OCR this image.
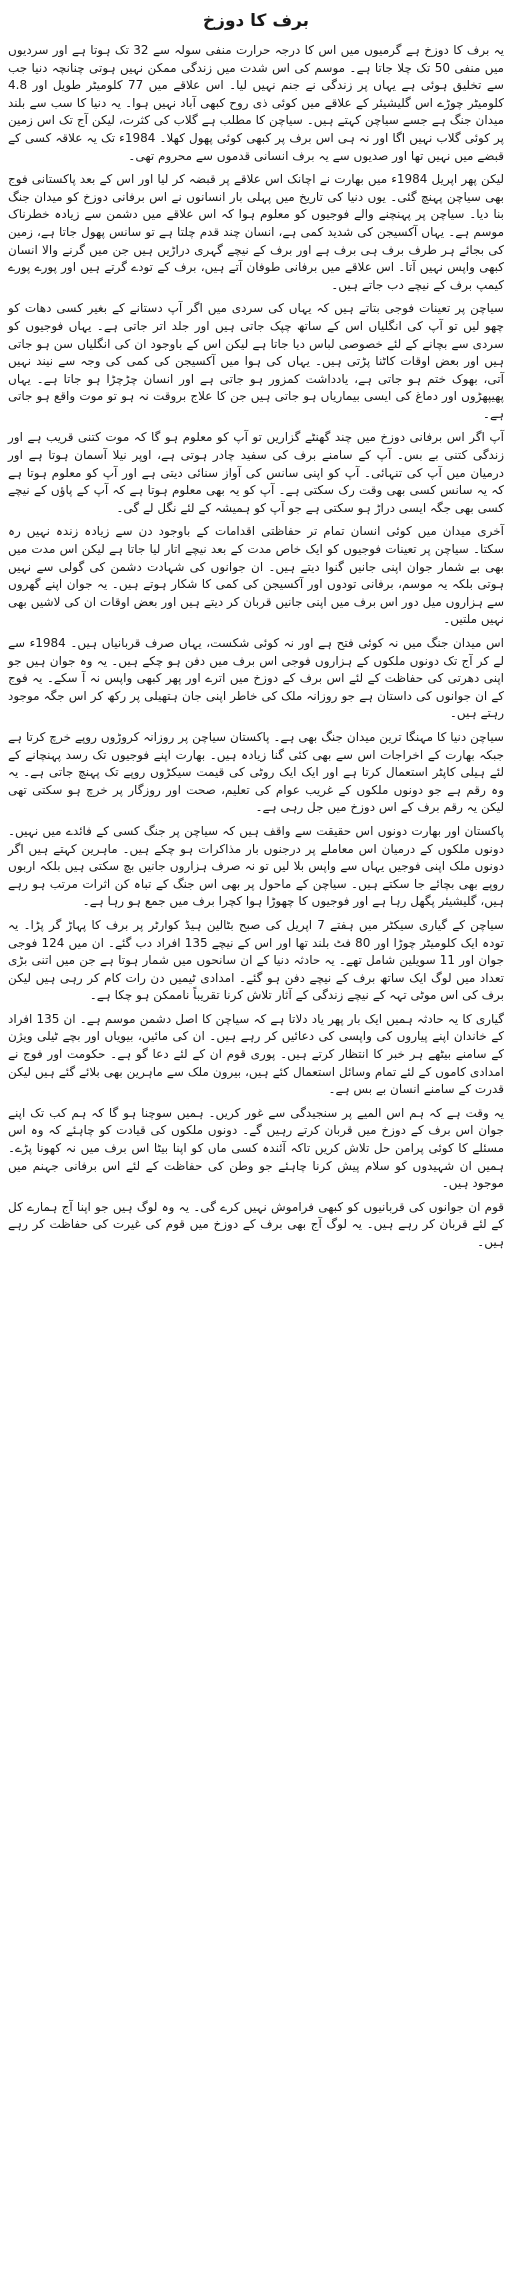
برف کا دوزخ

یہ برف کا دوزخ ہے گرمیوں میں اس کا درجہ حرارت منفی سولہ سے 32 تک ہوتا ہے اور سردیوں میں منفی 50 تک چلا جاتا ہے۔ موسم کی اس شدت میں زندگی ممکن نہیں ہوتی چنانچہ دنیا جب سے تخلیق ہوئی ہے یہاں پر زندگی نے جنم نہیں لیا۔ اس علاقے میں 77 کلومیٹر طویل اور 4.8 کلومیٹر چوڑے اس گلیشیئر کے علاقے میں کوئی ذی روح کبھی آباد نہیں ہوا۔ یہ دنیا کا سب سے بلند میدان جنگ ہے جسے سیاچن کہتے ہیں۔ سیاچن کا مطلب ہے گلاب کی کثرت، لیکن آج تک اس زمین پر کوئی گلاب نہیں اگا اور نہ ہی اس برف پر کبھی کوئی پھول کھلا۔ 1984ء تک یہ علاقہ کسی کے قبضے میں نہیں تھا اور صدیوں سے یہ برف انسانی قدموں سے محروم تھی۔

لیکن پھر اپریل 1984ء میں بھارت نے اچانک اس علاقے پر قبضہ کر لیا اور اس کے بعد پاکستانی فوج بھی سیاچن پہنچ گئی۔ یوں دنیا کی تاریخ میں پہلی بار انسانوں نے اس برفانی دوزخ کو میدان جنگ بنا دیا۔ سیاچن پر پہنچنے والے فوجیوں کو معلوم ہوا کہ اس علاقے میں دشمن سے زیادہ خطرناک موسم ہے۔ یہاں آکسیجن کی شدید کمی ہے، انسان چند قدم چلتا ہے تو سانس پھول جاتا ہے، زمین کی بجائے ہر طرف برف ہی برف ہے اور برف کے نیچے گہری دراڑیں ہیں جن میں گرنے والا انسان کبھی واپس نہیں آتا۔ اس علاقے میں برفانی طوفان آتے ہیں، برف کے تودے گرتے ہیں اور پورے پورے کیمپ برف کے نیچے دب جاتے ہیں۔

سیاچن پر تعینات فوجی بتاتے ہیں کہ یہاں کی سردی میں اگر آپ دستانے کے بغیر کسی دھات کو چھو لیں تو آپ کی انگلیاں اس کے ساتھ چپک جاتی ہیں اور جلد اتر جاتی ہے۔ یہاں فوجیوں کو سردی سے بچانے کے لئے خصوصی لباس دیا جاتا ہے لیکن اس کے باوجود ان کی انگلیاں سن ہو جاتی ہیں اور بعض اوقات کاٹنا پڑتی ہیں۔ یہاں کی ہوا میں آکسیجن کی کمی کی وجہ سے نیند نہیں آتی، بھوک ختم ہو جاتی ہے، یادداشت کمزور ہو جاتی ہے اور انسان چڑچڑا ہو جاتا ہے۔ یہاں پھیپھڑوں اور دماغ کی ایسی بیماریاں ہو جاتی ہیں جن کا علاج بروقت نہ ہو تو موت واقع ہو جاتی ہے۔

آپ اگر اس برفانی دوزخ میں چند گھنٹے گزاریں تو آپ کو معلوم ہو گا کہ موت کتنی قریب ہے اور زندگی کتنی بے بس۔ آپ کے سامنے برف کی سفید چادر ہوتی ہے، اوپر نیلا آسمان ہوتا ہے اور درمیان میں آپ کی تنہائی۔ آپ کو اپنی سانس کی آواز سنائی دیتی ہے اور آپ کو معلوم ہوتا ہے کہ یہ سانس کسی بھی وقت رک سکتی ہے۔ آپ کو یہ بھی معلوم ہوتا ہے کہ آپ کے پاؤں کے نیچے کسی بھی جگہ ایسی دراڑ ہو سکتی ہے جو آپ کو ہمیشہ کے لئے نگل لے گی۔

آخری میدان میں کوئی انسان تمام تر حفاظتی اقدامات کے باوجود دن سے زیادہ زندہ نہیں رہ سکتا۔ سیاچن پر تعینات فوجیوں کو ایک خاص مدت کے بعد نیچے اتار لیا جاتا ہے لیکن اس مدت میں بھی بے شمار جوان اپنی جانیں گنوا دیتے ہیں۔ ان جوانوں کی شہادت دشمن کی گولی سے نہیں ہوتی بلکہ یہ موسم، برفانی تودوں اور آکسیجن کی کمی کا شکار ہوتے ہیں۔ یہ جوان اپنے گھروں سے ہزاروں میل دور اس برف میں اپنی جانیں قربان کر دیتے ہیں اور بعض اوقات ان کی لاشیں بھی نہیں ملتیں۔

اس میدان جنگ میں نہ کوئی فتح ہے اور نہ کوئی شکست، یہاں صرف قربانیاں ہیں۔ 1984ء سے لے کر آج تک دونوں ملکوں کے ہزاروں فوجی اس برف میں دفن ہو چکے ہیں۔ یہ وہ جوان ہیں جو اپنی دھرتی کی حفاظت کے لئے اس برف کے دوزخ میں اترے اور پھر کبھی واپس نہ آ سکے۔ یہ فوج کے ان جوانوں کی داستان ہے جو روزانہ ملک کی خاطر اپنی جان ہتھیلی پر رکھ کر اس جگہ موجود رہتے ہیں۔

سیاچن دنیا کا مہنگا ترین میدان جنگ بھی ہے۔ پاکستان سیاچن پر روزانہ کروڑوں روپے خرچ کرتا ہے جبکہ بھارت کے اخراجات اس سے بھی کئی گنا زیادہ ہیں۔ بھارت اپنے فوجیوں تک رسد پہنچانے کے لئے ہیلی کاپٹر استعمال کرتا ہے اور ایک ایک روٹی کی قیمت سیکڑوں روپے تک پہنچ جاتی ہے۔ یہ وہ رقم ہے جو دونوں ملکوں کے غریب عوام کی تعلیم، صحت اور روزگار پر خرچ ہو سکتی تھی لیکن یہ رقم برف کے اس دوزخ میں جل رہی ہے۔

پاکستان اور بھارت دونوں اس حقیقت سے واقف ہیں کہ سیاچن پر جنگ کسی کے فائدے میں نہیں۔ دونوں ملکوں کے درمیان اس معاملے پر درجنوں بار مذاکرات ہو چکے ہیں۔ ماہرین کہتے ہیں اگر دونوں ملک اپنی فوجیں یہاں سے واپس بلا لیں تو نہ صرف ہزاروں جانیں بچ سکتی ہیں بلکہ اربوں روپے بھی بچائے جا سکتے ہیں۔ سیاچن کے ماحول پر بھی اس جنگ کے تباہ کن اثرات مرتب ہو رہے ہیں، گلیشیئر پگھل رہا ہے اور فوجیوں کا چھوڑا ہوا کچرا برف میں جمع ہو رہا ہے۔

سیاچن کے گیاری سیکٹر میں ہفتے 7 اپریل کی صبح بٹالین ہیڈ کوارٹر پر برف کا پہاڑ گر پڑا۔ یہ تودہ ایک کلومیٹر چوڑا اور 80 فٹ بلند تھا اور اس کے نیچے 135 افراد دب گئے۔ ان میں 124 فوجی جوان اور 11 سویلین شامل تھے۔ یہ حادثہ دنیا کے ان سانحوں میں شمار ہوتا ہے جن میں اتنی بڑی تعداد میں لوگ ایک ساتھ برف کے نیچے دفن ہو گئے۔ امدادی ٹیمیں دن رات کام کر رہی ہیں لیکن برف کی اس موٹی تہہ کے نیچے زندگی کے آثار تلاش کرنا تقریباً ناممکن ہو چکا ہے۔

گیاری کا یہ حادثہ ہمیں ایک بار پھر یاد دلاتا ہے کہ سیاچن کا اصل دشمن موسم ہے۔ ان 135 افراد کے خاندان اپنے پیاروں کی واپسی کی دعائیں کر رہے ہیں۔ ان کی مائیں، بیویاں اور بچے ٹیلی ویژن کے سامنے بیٹھے ہر خبر کا انتظار کرتے ہیں۔ پوری قوم ان کے لئے دعا گو ہے۔ حکومت اور فوج نے امدادی کاموں کے لئے تمام وسائل استعمال کئے ہیں، بیرون ملک سے ماہرین بھی بلائے گئے ہیں لیکن قدرت کے سامنے انسان بے بس ہے۔

یہ وقت ہے کہ ہم اس المیے پر سنجیدگی سے غور کریں۔ ہمیں سوچنا ہو گا کہ ہم کب تک اپنے جوان اس برف کے دوزخ میں قربان کرتے رہیں گے۔ دونوں ملکوں کی قیادت کو چاہئے کہ وہ اس مسئلے کا کوئی پرامن حل تلاش کریں تاکہ آئندہ کسی ماں کو اپنا بیٹا اس برف میں نہ کھونا پڑے۔ ہمیں ان شہیدوں کو سلام پیش کرنا چاہئے جو وطن کی حفاظت کے لئے اس برفانی جہنم میں موجود ہیں۔

قوم ان جوانوں کی قربانیوں کو کبھی فراموش نہیں کرے گی۔ یہ وہ لوگ ہیں جو اپنا آج ہمارے کل کے لئے قربان کر رہے ہیں۔ یہ لوگ آج بھی برف کے دوزخ میں قوم کی غیرت کی حفاظت کر رہے ہیں۔
